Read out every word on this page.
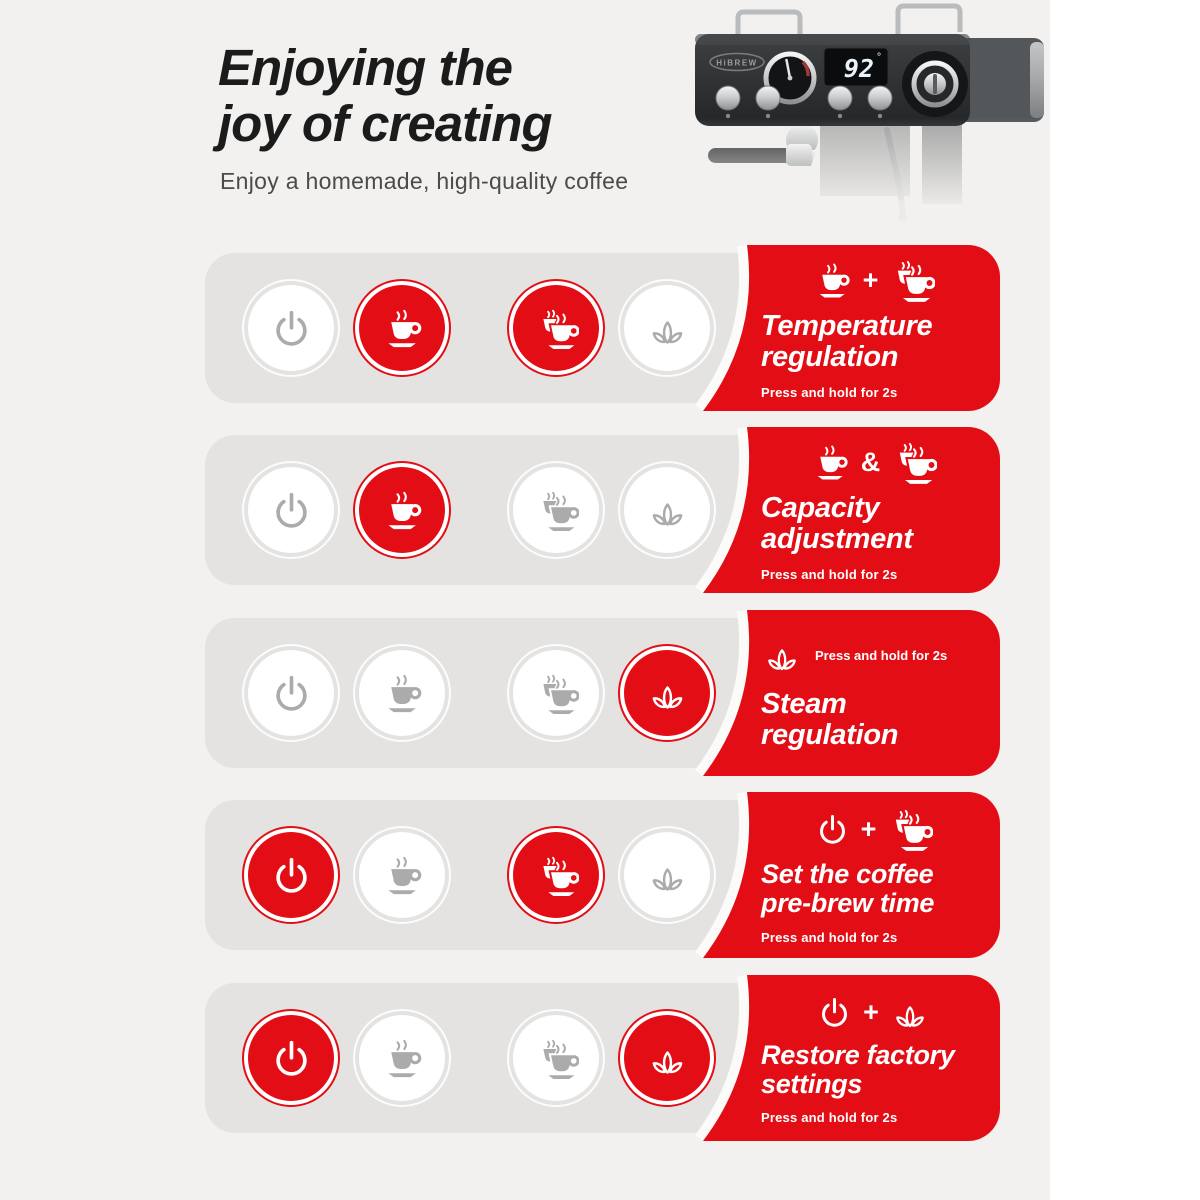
Enjoying the
joy of creating

Enjoy a homemade, high-quality coffee

HiBREW	92 °
+
Temperature
regulation

Press and hold for 2s

&
Capacity
adjustment

Press and hold for 2s

Press and hold for 2s
Steam
regulation
+
Set the coffee
pre-brew time

Press and hold for 2s

+
Restore factory
settings

Press and hold for 2s
